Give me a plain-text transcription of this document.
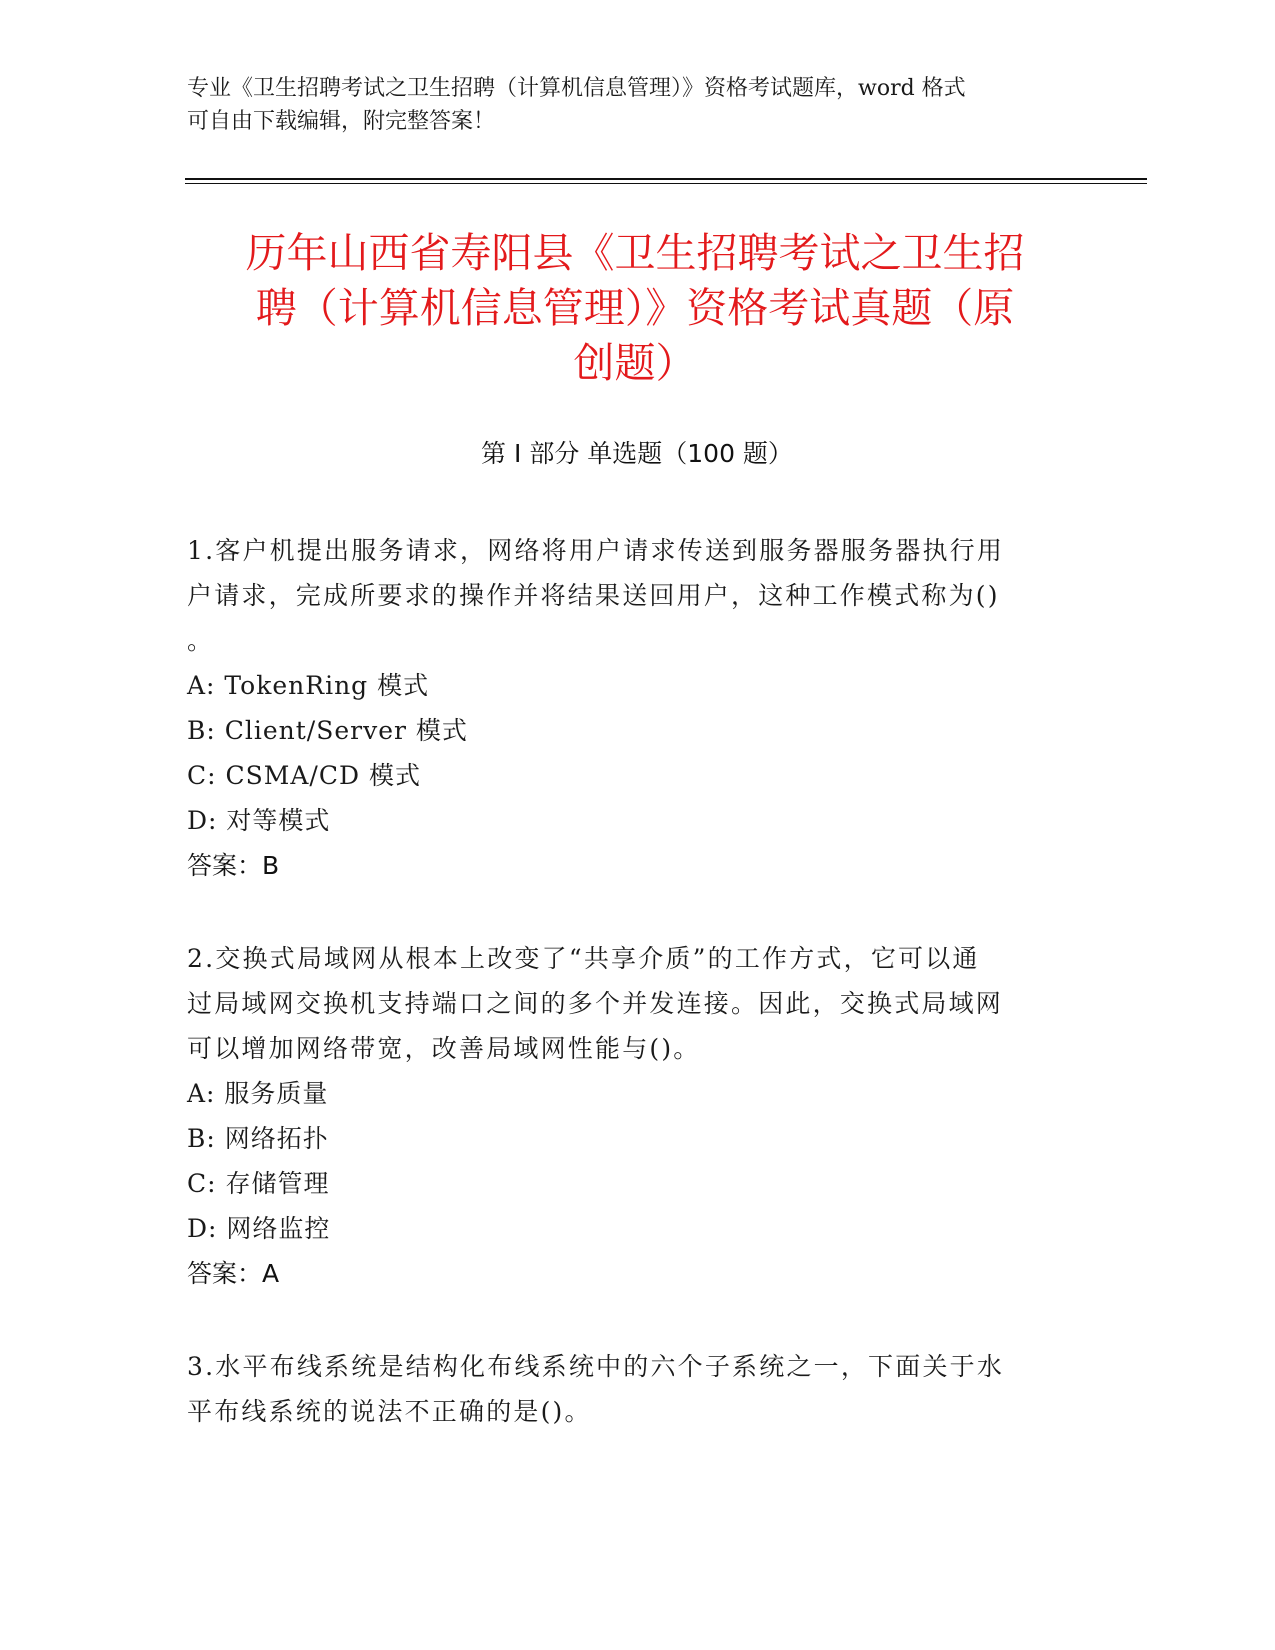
专业《卫生招聘考试之卫生招聘（计算机信息管理）》资格考试题库，word 格式
可自由下载编辑，附完整答案！
历年山西省寿阳县《卫生招聘考试之卫生招
聘（计算机信息管理）》资格考试真题（原
创题）
第 I 部分 单选题（100 题）
1.客户机提出服务请求，网络将用户请求传送到服务器服务器执行用
户请求，完成所要求的操作并将结果送回用户，这种工作模式称为()
。
A: TokenRing 模式
B: Client/Server 模式
C: CSMA/CD 模式
D: 对等模式
答案：B
2.交换式局域网从根本上改变了“共享介质”的工作方式，它可以通
过局域网交换机支持端口之间的多个并发连接。因此，交换式局域网
可以增加网络带宽，改善局域网性能与()。
A: 服务质量
B: 网络拓扑
C: 存储管理
D: 网络监控
答案：A
3.水平布线系统是结构化布线系统中的六个子系统之一，下面关于水
平布线系统的说法不正确的是()。
